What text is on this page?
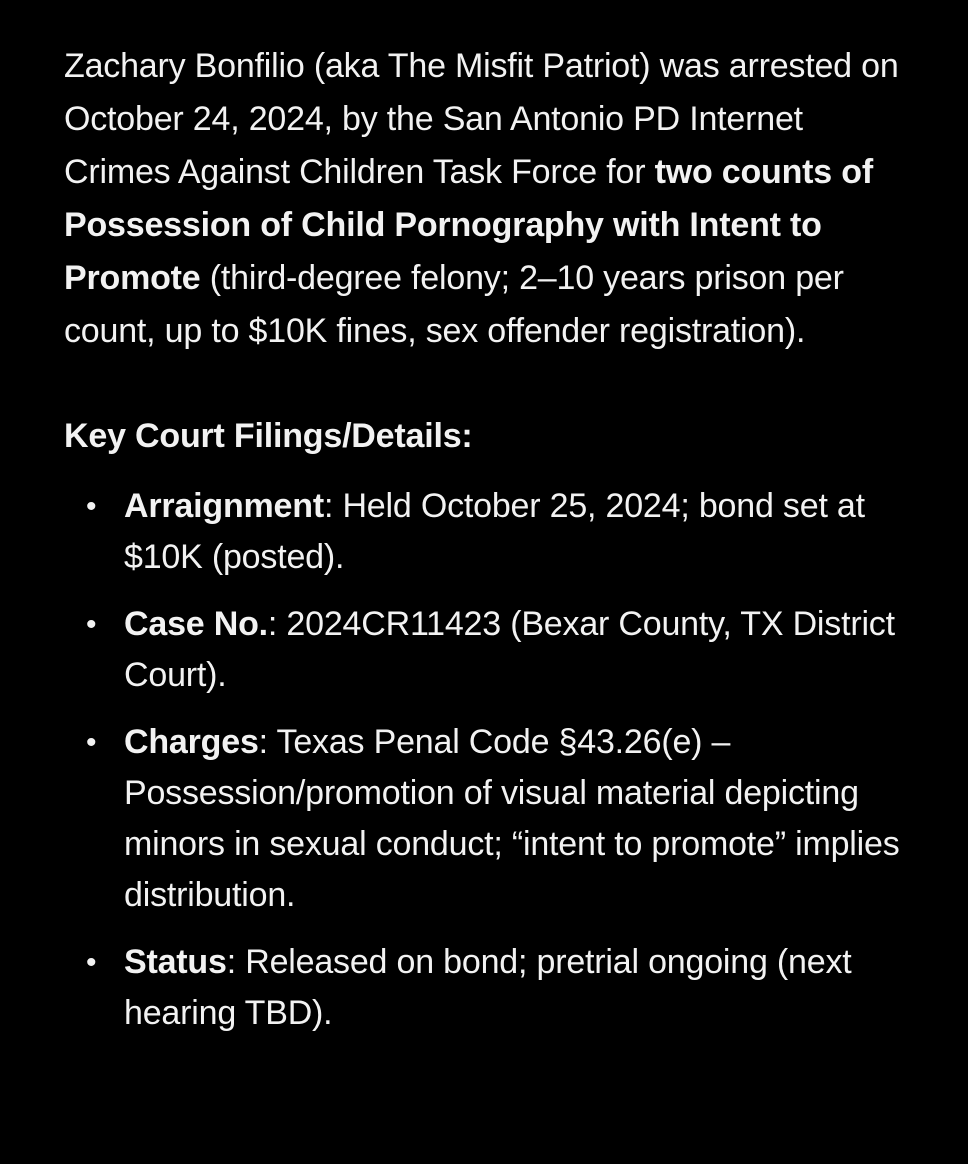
Zachary Bonfilio (aka The Misfit Patriot) was arrested on October 24, 2024, by the San Antonio PD Internet Crimes Against Children Task Force for two counts of Possession of Child Pornography with Intent to Promote (third-degree felony; 2–10 years prison per count, up to $10K fines, sex offender registration).

Key Court Filings/Details:
• Arraignment: Held October 25, 2024; bond set at $10K (posted).
• Case No.: 2024CR11423 (Bexar County, TX District Court).
• Charges: Texas Penal Code §43.26(e) – Possession/promotion of visual material depicting minors in sexual conduct; “intent to promote” implies distribution.
• Status: Released on bond; pretrial ongoing (next hearing TBD).
